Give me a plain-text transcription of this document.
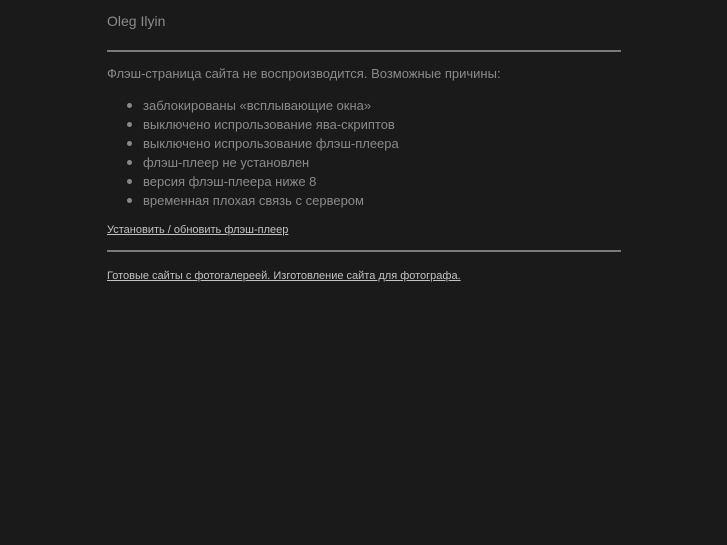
Oleg Ilyin
Флэш-страница сайта не воспроизводится. Возможные причины:
заблокированы «всплывающие окна»
выключено испрользование ява-скриптов
выключено испрользование флэш-плеера
флэш-плеер не установлен
версия флэш-плеера ниже 8
временная плохая связь с сервером
Установить / обновить флэш-плеер
Готовые сайты с фотогалереей. Изготовление сайта для фотографа.
